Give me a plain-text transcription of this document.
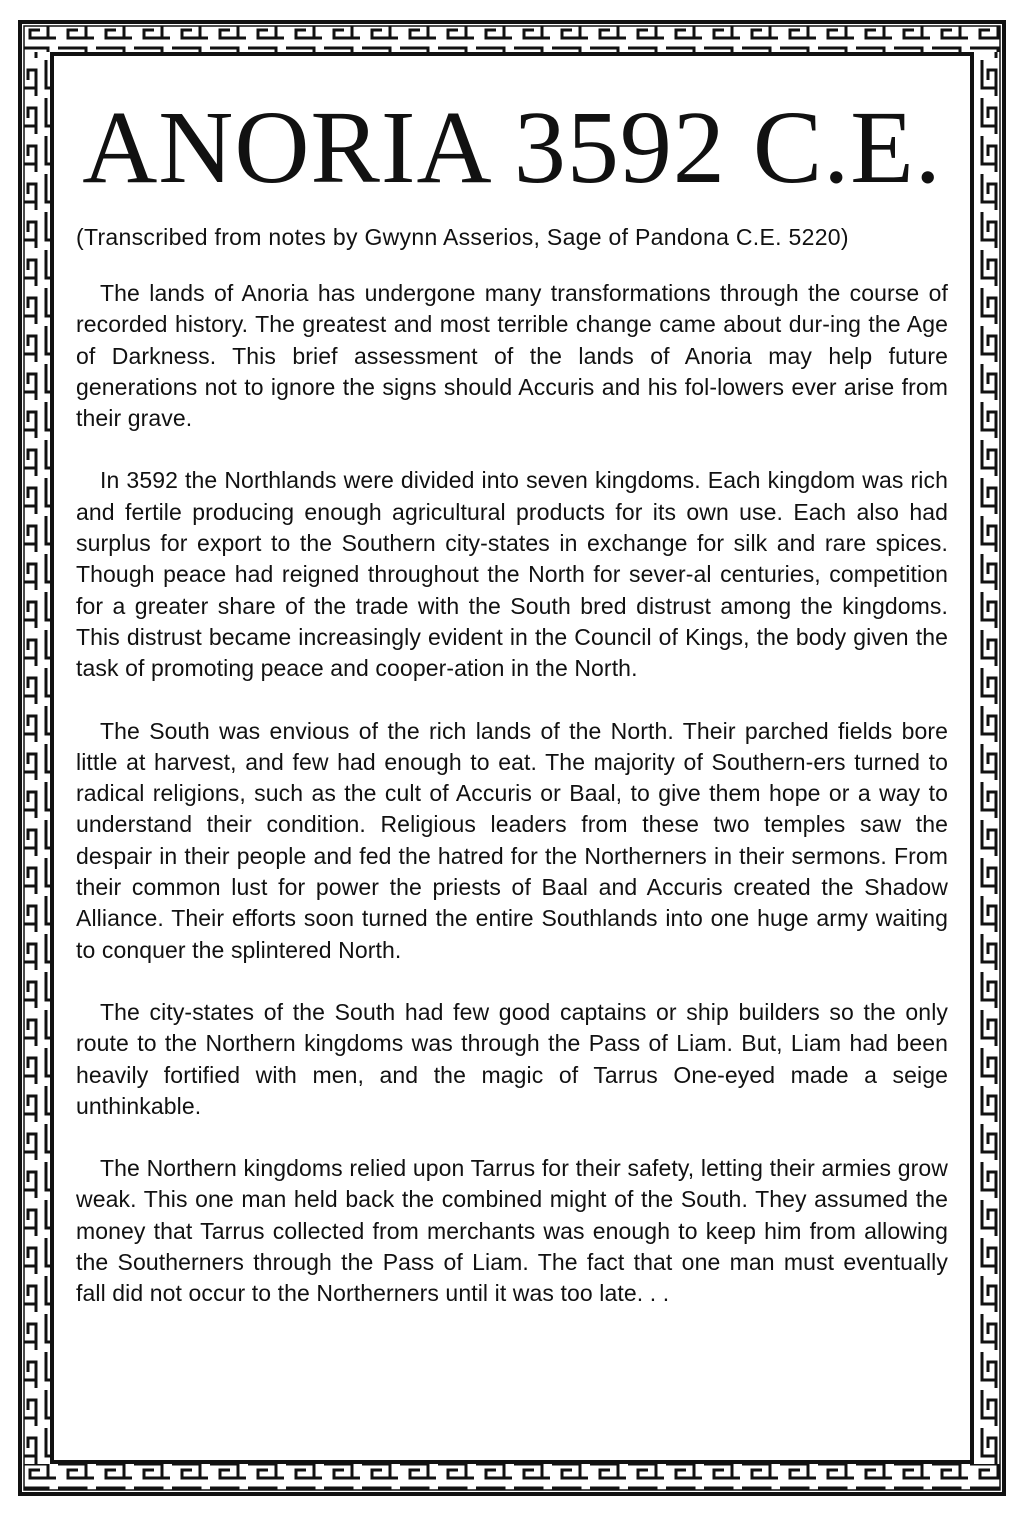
ANORIA 3592 C.E.
(Transcribed from notes by Gwynn Asserios, Sage of Pandona C.E. 5220)
The lands of Anoria has undergone many transformations through the course of recorded history. The greatest and most terrible change came about dur-ing the Age of Darkness. This brief assessment of the lands of Anoria may help future generations not to ignore the signs should Accuris and his fol-lowers ever arise from their grave.
In 3592 the Northlands were divided into seven kingdoms. Each kingdom was rich and fertile producing enough agricultural products for its own use. Each also had surplus for export to the Southern city-states in exchange for silk and rare spices. Though peace had reigned throughout the North for sever-al centuries, competition for a greater share of the trade with the South bred distrust among the kingdoms. This distrust became increasingly evident in the Council of Kings, the body given the task of promoting peace and cooper-ation in the North.
The South was envious of the rich lands of the North. Their parched fields bore little at harvest, and few had enough to eat. The majority of Southern-ers turned to radical religions, such as the cult of Accuris or Baal, to give them hope or a way to understand their condition. Religious leaders from these two temples saw the despair in their people and fed the hatred for the Northerners in their sermons. From their common lust for power the priests of Baal and Accuris created the Shadow Alliance. Their efforts soon turned the entire Southlands into one huge army waiting to conquer the splintered North.
The city-states of the South had few good captains or ship builders so the only route to the Northern kingdoms was through the Pass of Liam. But, Liam had been heavily fortified with men, and the magic of Tarrus One-eyed made a seige unthinkable.
The Northern kingdoms relied upon Tarrus for their safety, letting their armies grow weak. This one man held back the combined might of the South. They assumed the money that Tarrus collected from merchants was enough to keep him from allowing the Southerners through the Pass of Liam. The fact that one man must eventually fall did not occur to the Northerners until it was too late. . .
